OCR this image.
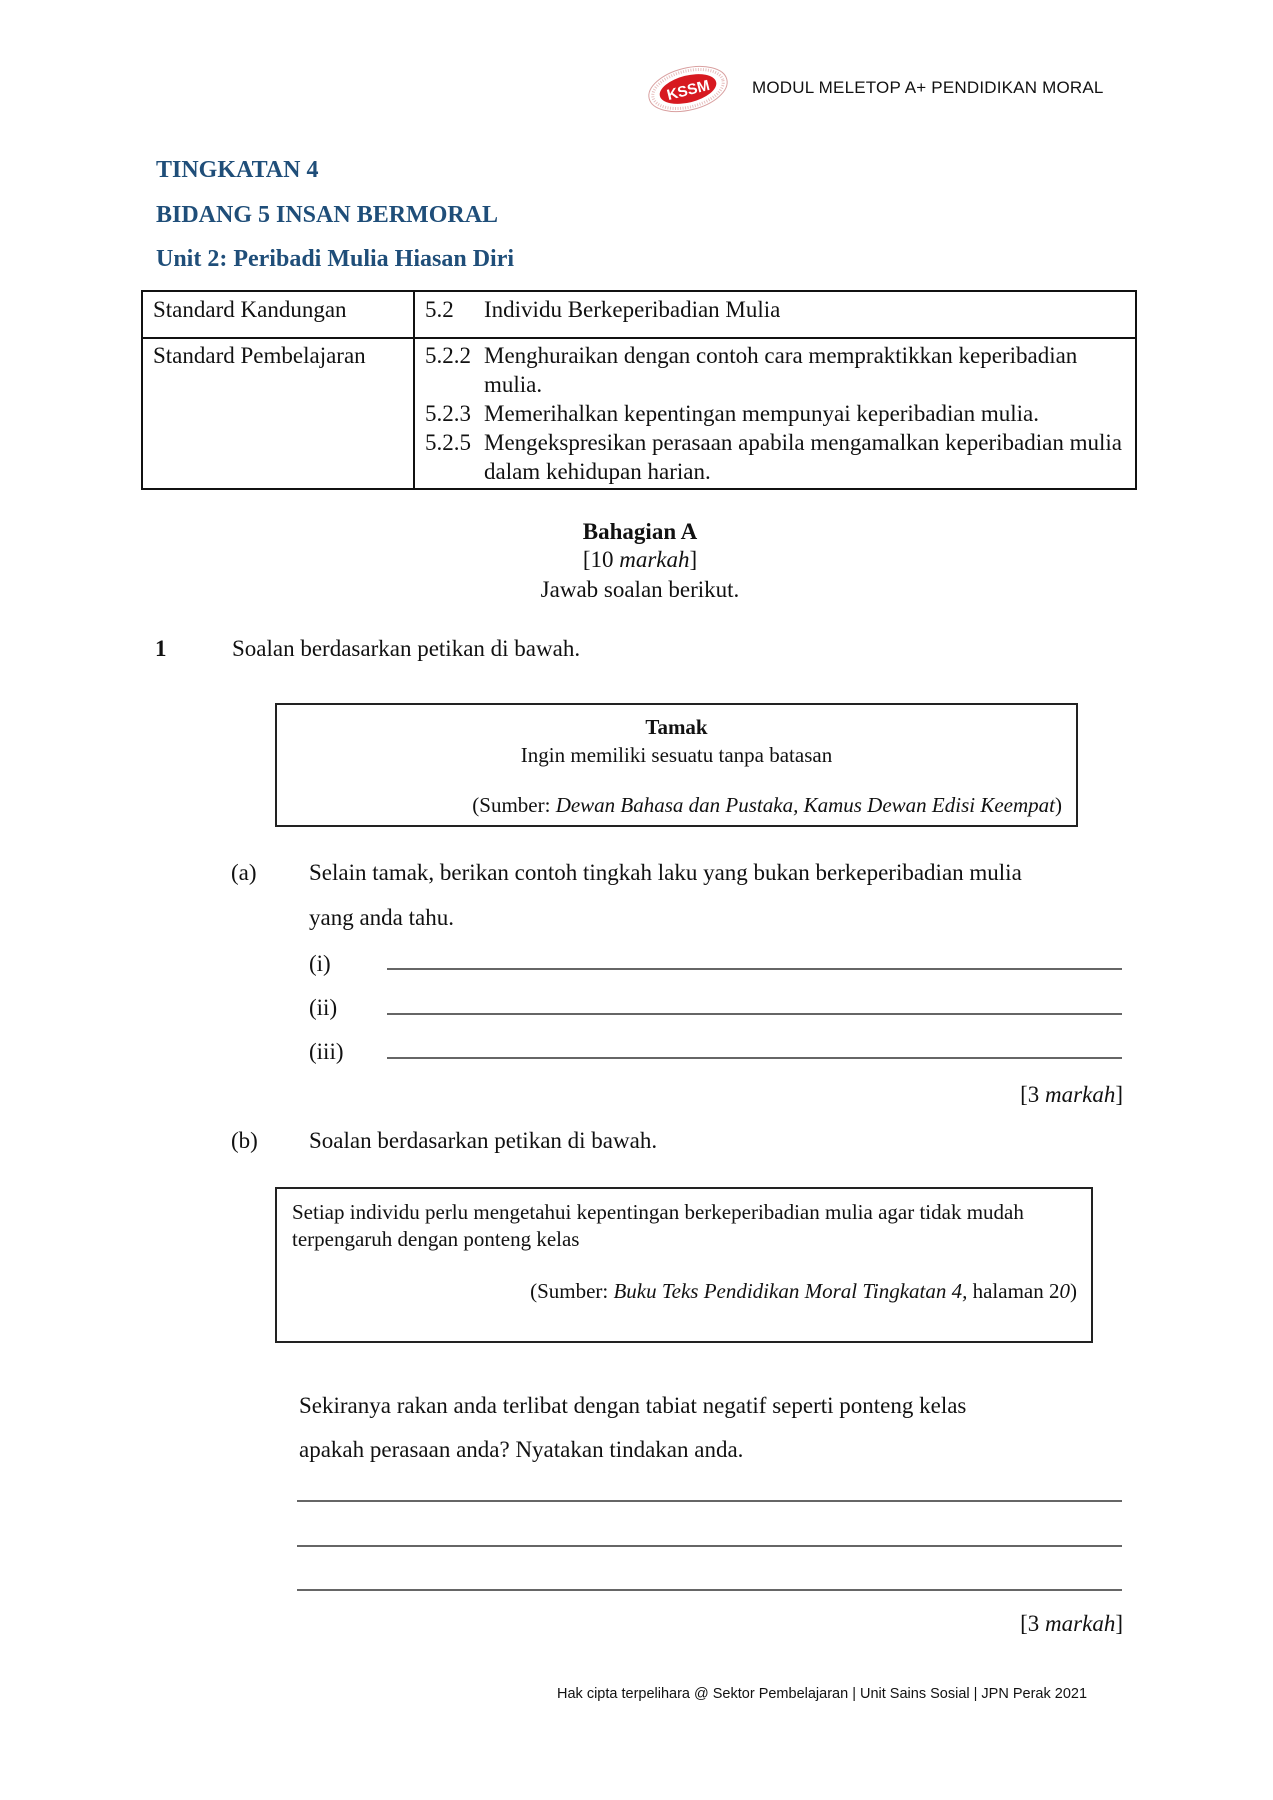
KSSM MODUL MELETOP A+ PENDIDIKAN MORAL
TINGKATAN 4
BIDANG 5 INSAN BERMORAL
Unit 2: Peribadi Mulia Hiasan Diri
Standard Kandungan	5.2 Individu Berkeperibadian Mulia

Standard Pembelajaran	5.2.2 Menghuraikan dengan contoh cara mempraktikkan keperibadian mulia.
5.2.3 Memerihalkan kepentingan mempunyai keperibadian mulia.
5.2.5 Mengekspresikan perasaan apabila mengamalkan keperibadian mulia dalam kehidupan harian.
Bahagian A
[10 markah]
Jawab soalan berikut.
1	Soalan berdasarkan petikan di bawah.
Tamak
Ingin memiliki sesuatu tanpa batasan
(Sumber: Dewan Bahasa dan Pustaka, Kamus Dewan Edisi Keempat)
(a) Selain tamak, berikan contoh tingkah laku yang bukan berkeperibadian mulia
yang anda tahu.
(i)
(ii)
(iii)
[3 markah]
(b) Soalan berdasarkan petikan di bawah.
Setiap individu perlu mengetahui kepentingan berkeperibadian mulia agar tidak mudah terpengaruh dengan ponteng kelas
(Sumber: Buku Teks Pendidikan Moral Tingkatan 4, halaman 20)
Sekiranya rakan anda terlibat dengan tabiat negatif seperti ponteng kelas
apakah perasaan anda? Nyatakan tindakan anda.
[3 markah]
Hak cipta terpelihara @ Sektor Pembelajaran | Unit Sains Sosial | JPN Perak 2021
